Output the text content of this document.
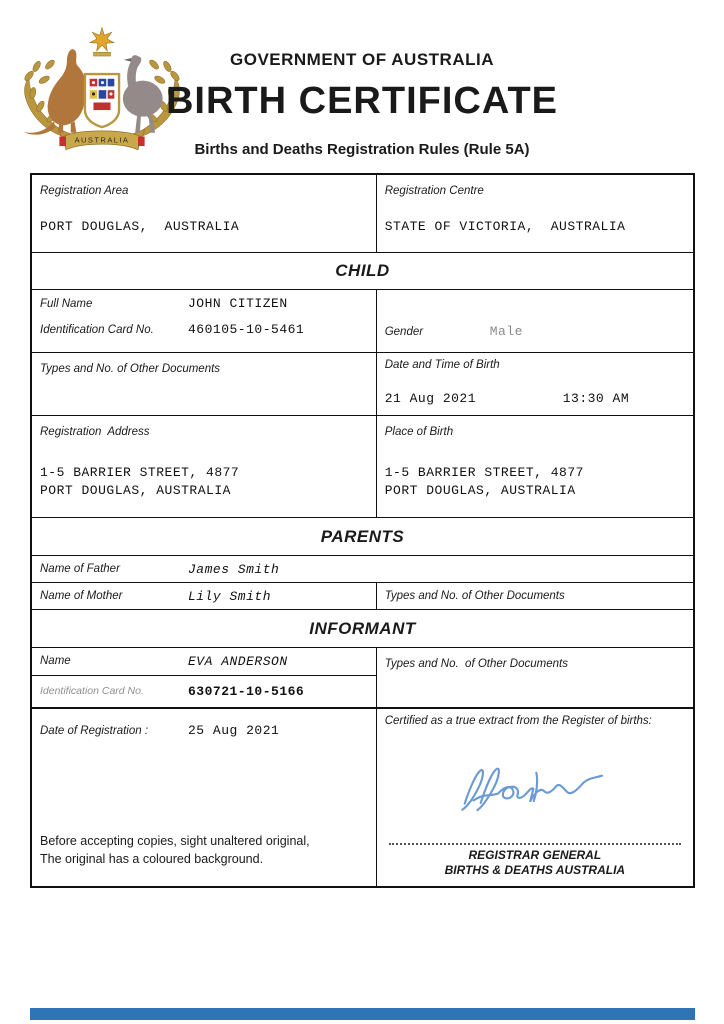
AUSTRALIA
GOVERNMENT OF AUSTRALIA
BIRTH CERTIFICATE
Births and Deaths Registration Rules (Rule 5A)
Registration Area
PORT DOUGLAS,  AUSTRALIA
Registration Centre
STATE OF VICTORIA,  AUSTRALIA
CHILD
Full Name	JOHN CITIZEN
Identification Card No.	460105-10-5461	Gender	Male
Types and No. of Other Documents	Date and Time of Birth
21 Aug 2021	13:30 AM
Registration  Address
1-5 BARRIER STREET, 4877
PORT DOUGLAS, AUSTRALIA
Place of Birth
1-5 BARRIER STREET, 4877
PORT DOUGLAS, AUSTRALIA
PARENTS
Name of Father	James Smith
Name of Mother	Lily Smith	Types and No. of Other Documents
INFORMANT
Name	EVA ANDERSON
Identification Card No.	630721-10-5166
Types and No.  of Other Documents
Date of Registration :	25 Aug 2021
Before accepting copies, sight unaltered original,
The original has a coloured background.
Certified as a true extract from the Register of births:
REGISTRAR GENERAL
BIRTHS & DEATHS AUSTRALIA
